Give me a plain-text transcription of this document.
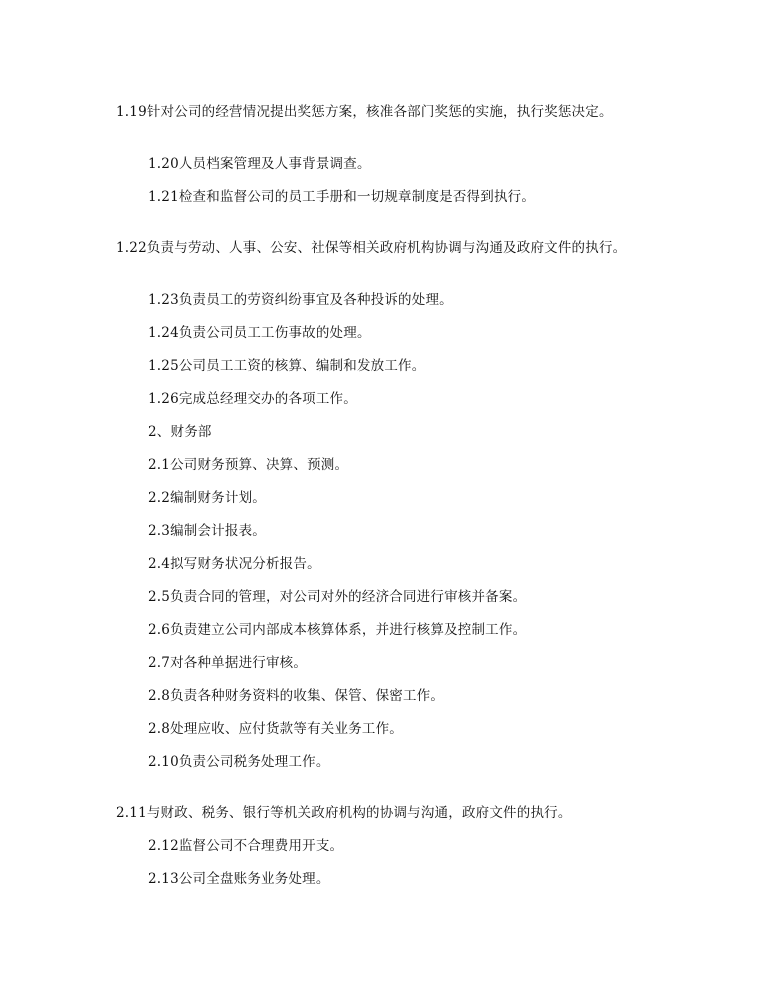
1.19针对公司的经营情况提出奖惩方案，核准各部门奖惩的实施，执行奖惩决定。
1.20人员档案管理及人事背景调查。
1.21检查和监督公司的员工手册和一切规章制度是否得到执行。
1.22负责与劳动、人事、公安、社保等相关政府机构协调与沟通及政府文件的执行。
1.23负责员工的劳资纠纷事宜及各种投诉的处理。
1.24负责公司员工工伤事故的处理。
1.25公司员工工资的核算、编制和发放工作。
1.26完成总经理交办的各项工作。
2、财务部
2.1公司财务预算、决算、预测。
2.2编制财务计划。
2.3编制会计报表。
2.4拟写财务状况分析报告。
2.5负责合同的管理，对公司对外的经济合同进行审核并备案。
2.6负责建立公司内部成本核算体系，并进行核算及控制工作。
2.7对各种单据进行审核。
2.8负责各种财务资料的收集、保管、保密工作。
2.8处理应收、应付货款等有关业务工作。
2.10负责公司税务处理工作。
2.11与财政、税务、银行等机关政府机构的协调与沟通，政府文件的执行。
2.12监督公司不合理费用开支。
2.13公司全盘账务业务处理。
